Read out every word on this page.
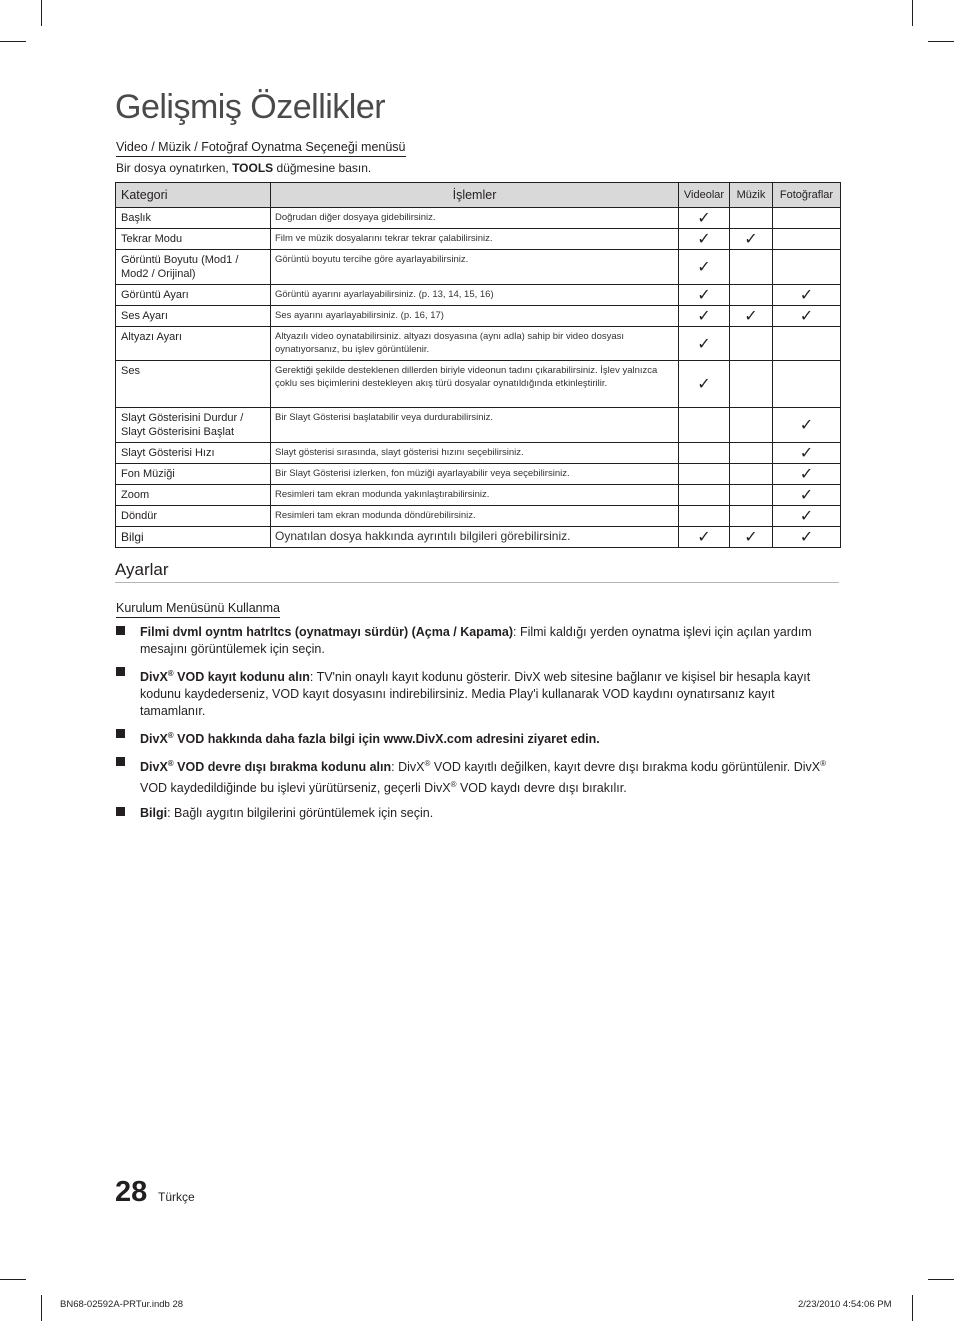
Gelişmiş Özellikler
Video / Müzik / Fotoğraf Oynatma Seçeneği menüsü
Bir dosya oynatırken, TOOLS düğmesine basın.
Kategori	İşlemler	Videolar	Müzik	Fotoğraflar
Başlık	Doğrudan diğer dosyaya gidebilirsiniz.	✓		
Tekrar Modu	Film ve müzik dosyalarını tekrar tekrar çalabilirsiniz.	✓	✓	
Görüntü Boyutu (Mod1 / Mod2 / Orijinal)	Görüntü boyutu tercihe göre ayarlayabilirsiniz.	✓		
Görüntü Ayarı	Görüntü ayarını ayarlayabilirsiniz. (p. 13, 14, 15, 16)	✓		✓
Ses Ayarı	Ses ayarını ayarlayabilirsiniz. (p. 16, 17)	✓	✓	✓
Altyazı Ayarı	Altyazılı video oynatabilirsiniz. altyazı dosyasına (aynı adla) sahip bir video dosyası oynatıyorsanız, bu işlev görüntülenir.	✓		
Ses	Gerektiği şekilde desteklenen dillerden biriyle videonun tadını çıkarabilirsiniz. İşlev yalnızca çoklu ses biçimlerini destekleyen akış türü dosyalar oynatıldığında etkinleştirilir.	✓		
Slayt Gösterisini Durdur / Slayt Gösterisini Başlat	Bir Slayt Gösterisi başlatabilir veya durdurabilirsiniz.			✓
Slayt Gösterisi Hızı	Slayt gösterisi sırasında, slayt gösterisi hızını seçebilirsiniz.			✓
Fon Müziği	Bir Slayt Gösterisi izlerken, fon müziği ayarlayabilir veya seçebilirsiniz.			✓
Zoom	Resimleri tam ekran modunda yakınlaştırabilirsiniz.			✓
Döndür	Resimleri tam ekran modunda döndürebilirsiniz.			✓
Bilgi	Oynatılan dosya hakkında ayrıntılı bilgileri görebilirsiniz.	✓	✓	✓
Ayarlar
Kurulum Menüsünü Kullanma
Filmi dvml oyntm hatrltcs (oynatmayı sürdür) (Açma / Kapama): Filmi kaldığı yerden oynatma işlevi için açılan yardım mesajını görüntülemek için seçin.
DivX® VOD kayıt kodunu alın: TV'nin onaylı kayıt kodunu gösterir. DivX web sitesine bağlanır ve kişisel bir hesapla kayıt kodunu kaydederseniz, VOD kayıt dosyasını indirebilirsiniz. Media Play'i kullanarak VOD kaydını oynatırsanız kayıt tamamlanır.
DivX® VOD hakkında daha fazla bilgi için www.DivX.com adresini ziyaret edin.
DivX® VOD devre dışı bırakma kodunu alın: DivX® VOD kayıtlı değilken, kayıt devre dışı bırakma kodu görüntülenir. DivX® VOD kaydedildiğinde bu işlevi yürütürseniz, geçerli DivX® VOD kaydı devre dışı bırakılır.
Bilgi: Bağlı aygıtın bilgilerini görüntülemek için seçin.
28 Türkçe
BN68-02592A-PRTur.indb 28	2/23/2010 4:54:06 PM
